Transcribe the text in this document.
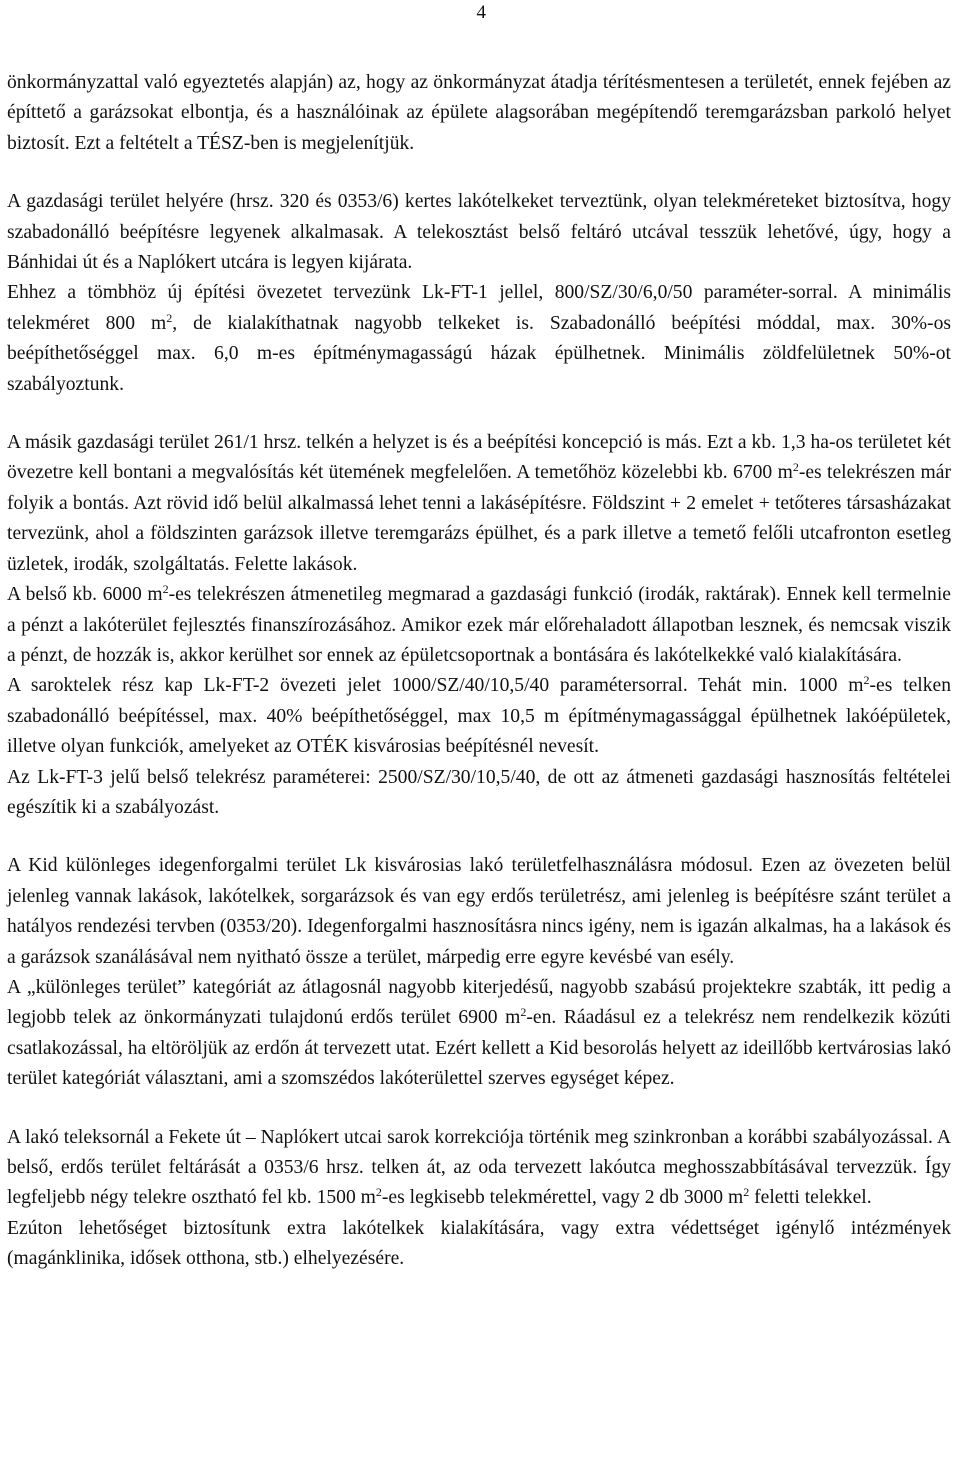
4

önkormányzattal való egyeztetés alapján) az, hogy az önkormányzat átadja térítésmentesen a területét, ennek fejében az építtető a garázsokat elbontja, és a használóinak az épülete alagsorában megépítendő teremgarázsban parkoló helyet biztosít. Ezt a feltételt a TÉSZ-ben is megjelenítjük.

A gazdasági terület helyére (hrsz. 320 és 0353/6) kertes lakótelkeket terveztünk, olyan telekméreteket biztosítva, hogy szabadonálló beépítésre legyenek alkalmasak. A telekosztást belső feltáró utcával tesszük lehetővé, úgy, hogy a Bánhidai út és a Naplókert utcára is legyen kijárata.

Ehhez a tömbhöz új építési övezetet tervezünk Lk-FT-1 jellel, 800/SZ/30/6,0/50 paraméter-sorral. A minimális telekméret 800 $m^2$, de kialakíthatnak nagyobb telkeket is. Szabadonálló beépítési móddal, max. 30%-os beépíthetőséggel max. 6,0 m-es építménymagasságú házak épülhetnek. Minimális zöldfelületnek 50%-ot szabályoztunk.

A másik gazdasági terület 261/1 hrsz. telkén a helyzet is és a beépítési koncepció is más. Ezt a kb. 1,3 ha-os területet két övezetre kell bontani a megvalósítás két ütemének megfelelően. A temetőhöz közelebbi kb. 6700 $m^2-es$ telekrészen már folyik a bontás. Azt rövid idő belül alkalmassá lehet tenni a lakásépítésre. Földszint + 2 emelet + tetőteres társasházakat tervezünk, ahol a földszinten garázsok illetve teremgarázs épülhet, és a park illetve a temető felőli utcafronton esetleg üzletek, irodák, szolgáltatás. Felette lakások.

A belső kb. 6000 $m^2-es$ telekrészen átmenetileg megmarad a gazdasági funkció (irodák, raktárak). Ennek kell termelnie a pénzt a lakóterület fejlesztés finanszírozásához. Amikor ezek már előrehaladott állapotban lesznek, és nemcsak viszik a pénzt, de hozzák is, akkor kerülhet sor ennek az épületcsoportnak a bontására és lakótelkekké való kialakítására.

A saroktelek rész kap Lk-FT-2 övezeti jelet 1000/SZ/40/10,5/40 paramétersorral. Tehát min. 1000 $m^2-es$ telken szabadonálló beépítéssel, max. 40% beépíthetőséggel, max 10,5 m építménymagassággal épülhetnek lakóépületek, illetve olyan funkciók, amelyeket az OTÉK kisvárosias beépítésnél nevesít.

Az Lk-FT-3 jelű belső telekrész paraméterei: 2500/SZ/30/10,5/40, de ott az átmeneti gazdasági hasznosítás feltételei egészítik ki a szabályozást.

A Kid különleges idegenforgalmi terület Lk kisvárosias lakó területfelhasználásra módosul. Ezen az övezeten belül jelenleg vannak lakások, lakótelkek, sorgarázsok és van egy erdős területrész, ami jelenleg is beépítésre szánt terület a hatályos rendezési tervben (0353/20). Idegenforgalmi hasznosításra nincs igény, nem is igazán alkalmas, ha a lakások és a garázsok szanálásával nem nyitható össze a terület, márpedig erre egyre kevésbé van esély.

A „különleges terület” kategóriát az átlagosnál nagyobb kiterjedésű, nagyobb szabású projektekre szabták, itt pedig a legjobb telek az önkormányzati tulajdonú erdős terület 6900 $m^2-en$. Ráadásul ez a telekrész nem rendelkezik közúti csatlakozással, ha eltöröljük az erdőn át tervezett utat. Ezért kellett a Kid besorolás helyett az ideillőbb kertvárosias lakó terület kategóriát választani, ami a szomszédos lakóterülettel szerves egységet képez.

A lakó teleksornál a Fekete út – Naplókert utcai sarok korrekciója történik meg szinkronban a korábbi szabályozással. A belső, erdős terület feltárását a 0353/6 hrsz. telken át, az oda tervezett lakóutca meghosszabbításával tervezzük. Így legfeljebb négy telekre osztható fel kb. 1500 $m^2-es$ legkisebb telekmérettel, vagy 2 db 3000 $m^2$ feletti telekkel.

Ezúton lehetőséget biztosítunk extra lakótelkek kialakítására, vagy extra védettséget igénylő intézmények (magánklinika, idősek otthona, stb.) elhelyezésére.
